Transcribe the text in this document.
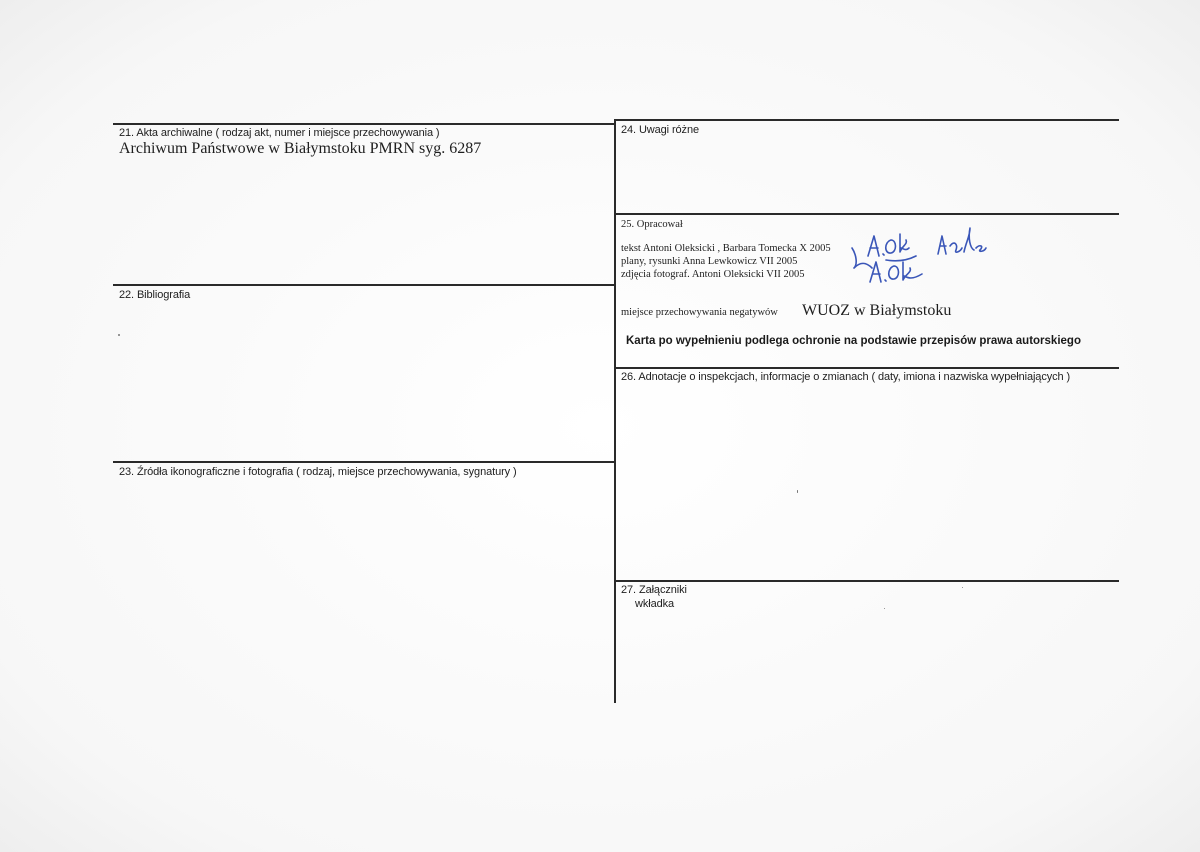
21. Akta archiwalne ( rodzaj akt, numer i miejsce przechowywania )
Archiwum Państwowe w Białymstoku PMRN syg. 6287
22. Bibliografia
23. Źródła ikonograficzne i fotografia ( rodzaj, miejsce przechowywania, sygnatury )
24. Uwagi różne
25. Opracował
tekst Antoni Oleksicki , Barbara Tomecka X 2005
plany, rysunki Anna Lewkowicz VII 2005
zdjęcia fotograf. Antoni Oleksicki VII 2005
miejsce przechowywania negatywów WUOZ w Białymstoku
Karta po wypełnieniu podlega ochronie na podstawie przepisów prawa autorskiego
26. Adnotacje o inspekcjach, informacje o zmianach ( daty, imiona i nazwiska wypełniających )
27. Załączniki
wkładka
